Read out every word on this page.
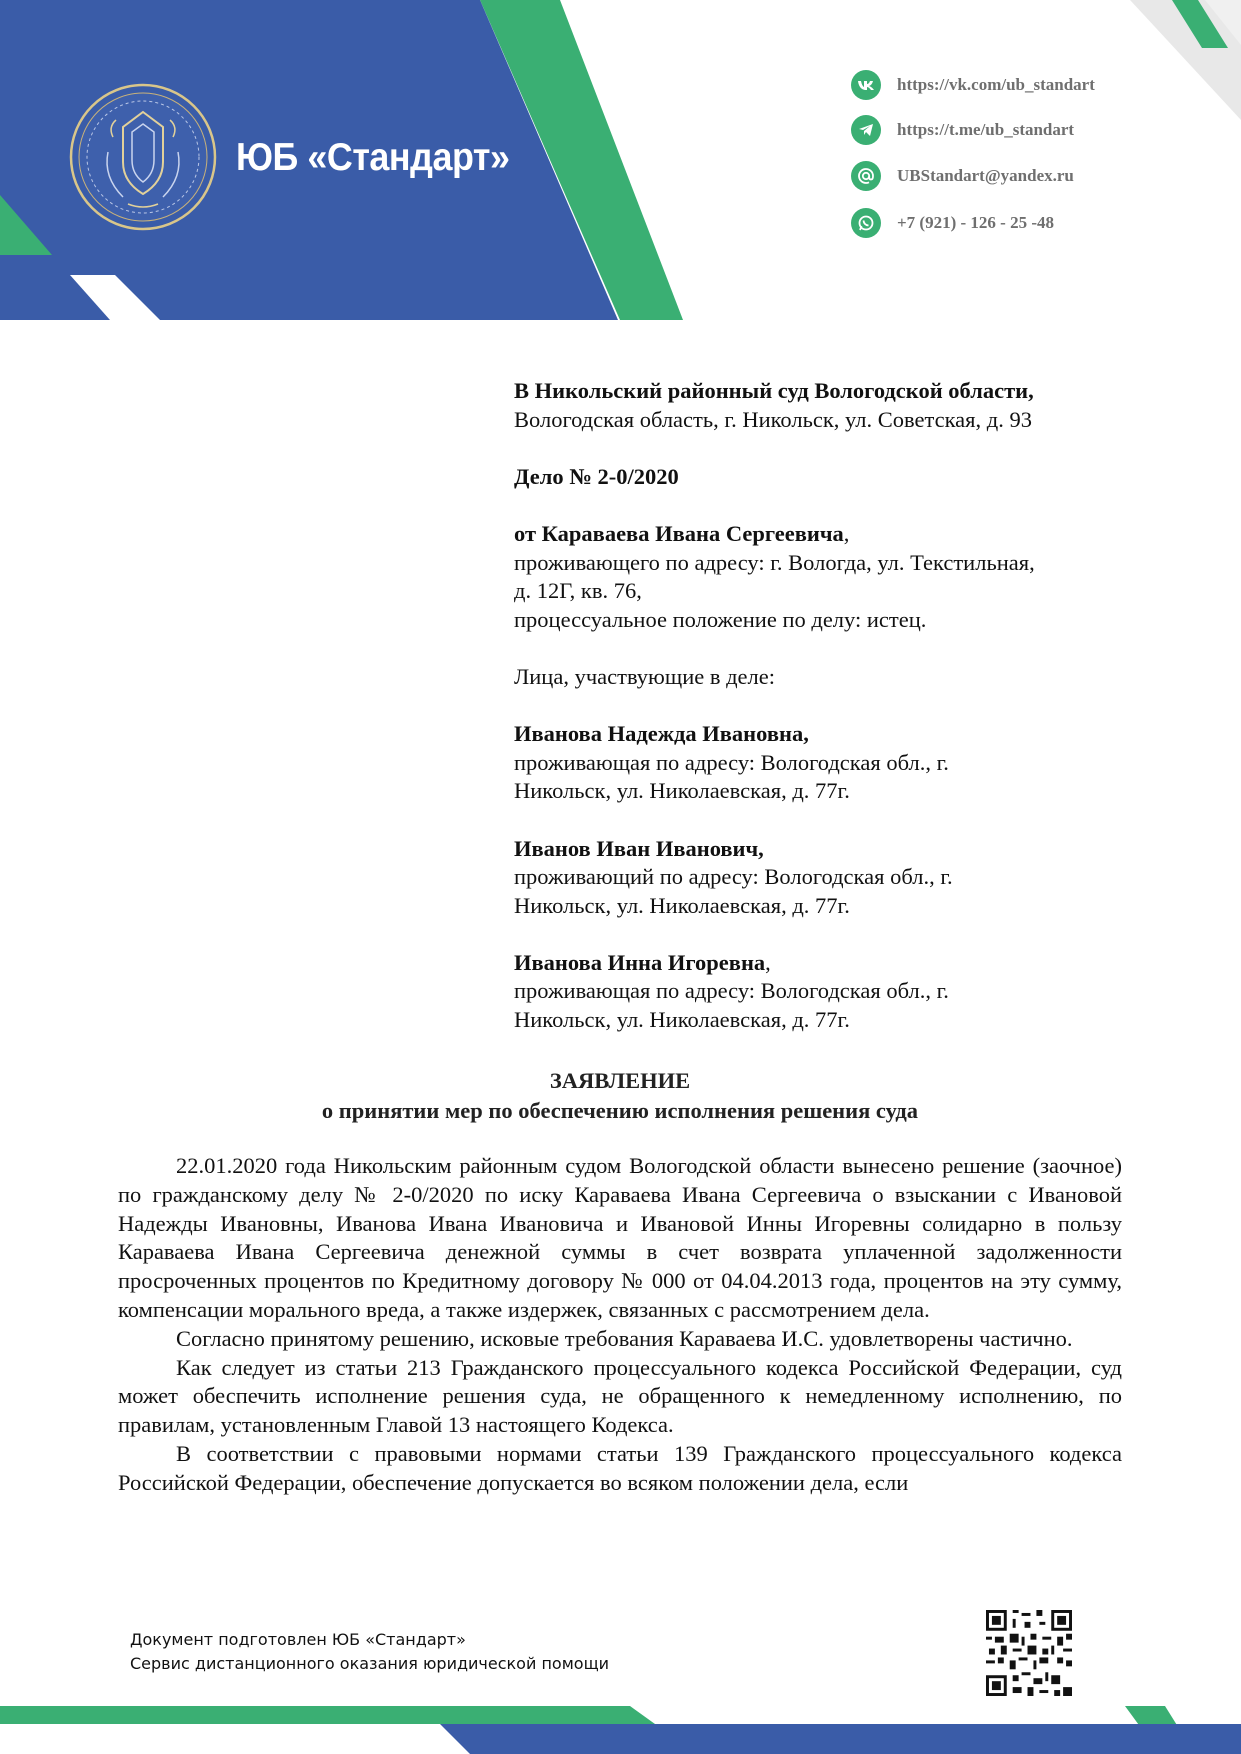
ЮБ «Стандарт»
https://vk.com/ub_standart
https://t.me/ub_standart
UBStandart@yandex.ru
+7 (921) - 126 - 25 -48

В Никольский районный суд Вологодской области,

Вологодская область, г. Никольск, ул. Советская, д. 93

Дело № 2-0/2020

от Караваева Ивана Сергеевича,

проживающего по адресу: г. Вологда, ул. Текстильная,

д. 12Г, кв. 76,

процессуальное положение по делу: истец.

Лица, участвующие в деле:

Иванова Надежда Ивановна,

проживающая по адресу: Вологодская обл., г.

Никольск, ул. Николаевская, д. 77г.

Иванов Иван Иванович,

проживающий по адресу: Вологодская обл., г.

Никольск, ул. Николаевская, д. 77г.

Иванова Инна Игоревна,

проживающая по адресу: Вологодская обл., г.

Никольск, ул. Николаевская, д. 77г.

ЗАЯВЛЕНИЕ
о принятии мер по обеспечению исполнения решения суда

22.01.2020 года Никольским районным судом Вологодской области вынесено решение (заочное) по гражданскому делу № 2-0/2020 по иску Караваева Ивана Сергеевича о взыскании с Ивановой Надежды Ивановны, Иванова Ивана Ивановича и Ивановой Инны Игоревны солидарно в пользу Караваева Ивана Сергеевича денежной суммы в счет возврата уплаченной задолженности просроченных процентов по Кредитному договору № 000 от 04.04.2013 года, процентов на эту сумму, компенсации морального вреда, а также издержек, связанных с рассмотрением дела.

Согласно принятому решению, исковые требования Караваева И.С. удовлетворены частично.

Как следует из статьи 213 Гражданского процессуального кодекса Российской Федерации, суд может обеспечить исполнение решения суда, не обращенного к немедленному исполнению, по правилам, установленным Главой 13 настоящего Кодекса.

В соответствии с правовыми нормами статьи 139 Гражданского процессуального кодекса Российской Федерации, обеспечение допускается во всяком положении дела, если

Документ подготовлен ЮБ «Стандарт»
Сервис дистанционного оказания юридической помощи
